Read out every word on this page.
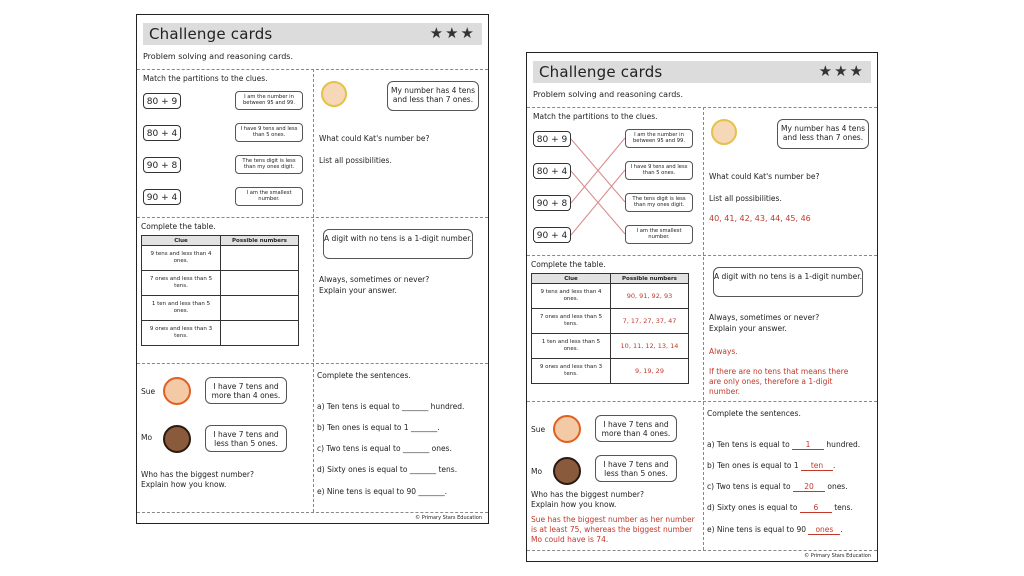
Challenge cards	★★★
Problem solving and reasoning cards.
Match the partitions to the clues.
80 + 9
80 + 4
90 + 8
90 + 4
I am the number in between 95 and 99.
I have 9 tens and less than 5 ones.
The tens digit is less than my ones digit.
I am the smallest number.
My number has 4 tens and less than 7 ones.
What could Kat's number be?
List all possibilities.
Complete the table.
Clue	Possible numbers
9 tens and less than 4 ones.	
7 ones and less than 5 tens.	
1 ten and less than 5 ones.	
9 ones and less than 3 tens.	
A digit with no tens is a 1-digit number.
Always, sometimes or never?
Explain your answer.
Sue
I have 7 tens and more than 4 ones.
Mo	I have 7 tens and less than 5 ones.
Who has the biggest number?
Explain how you know.
Complete the sentences.
a) Ten tens is equal to _______ hundred.
b) Ten ones is equal to 1 _______.
c) Two tens is equal to _______ ones.
d) Sixty ones is equal to _______ tens.
e) Nine tens is equal to 90 _______.
© Primary Stars Education
Challenge cards	★★★
Problem solving and reasoning cards.
Match the partitions to the clues.
80 + 9
80 + 4
90 + 8
90 + 4
I am the number in between 95 and 99.
I have 9 tens and less than 5 ones.
The tens digit is less than my ones digit.
I am the smallest number.
My number has 4 tens and less than 7 ones.
What could Kat's number be?
List all possibilities.
40, 41, 42, 43, 44, 45, 46
Complete the table.
Clue	Possible numbers
9 tens and less than 4 ones.	90, 91, 92, 93
7 ones and less than 5 tens.	7, 17, 27, 37, 47
1 ten and less than 5 ones.	10, 11, 12, 13, 14
9 ones and less than 3 tens.	9, 19, 29
A digit with no tens is a 1-digit number.
Always, sometimes or never?
Explain your answer.
Always.
If there are no tens that means there are only ones, therefore a 1-digit number.
Sue
I have 7 tens and more than 4 ones.
Mo
I have 7 tens and less than 5 ones.
Who has the biggest number?
Explain how you know.
Sue has the biggest number as her number is at least 75, whereas the biggest number Mo could have is 74.
Complete the sentences.
a) Ten tens is equal to 1 hundred.
b) Ten ones is equal to 1 ten .
c) Two tens is equal to 20 ones.
d) Sixty ones is equal to 6 tens.
e) Nine tens is equal to 90 ones .
© Primary Stars Education
